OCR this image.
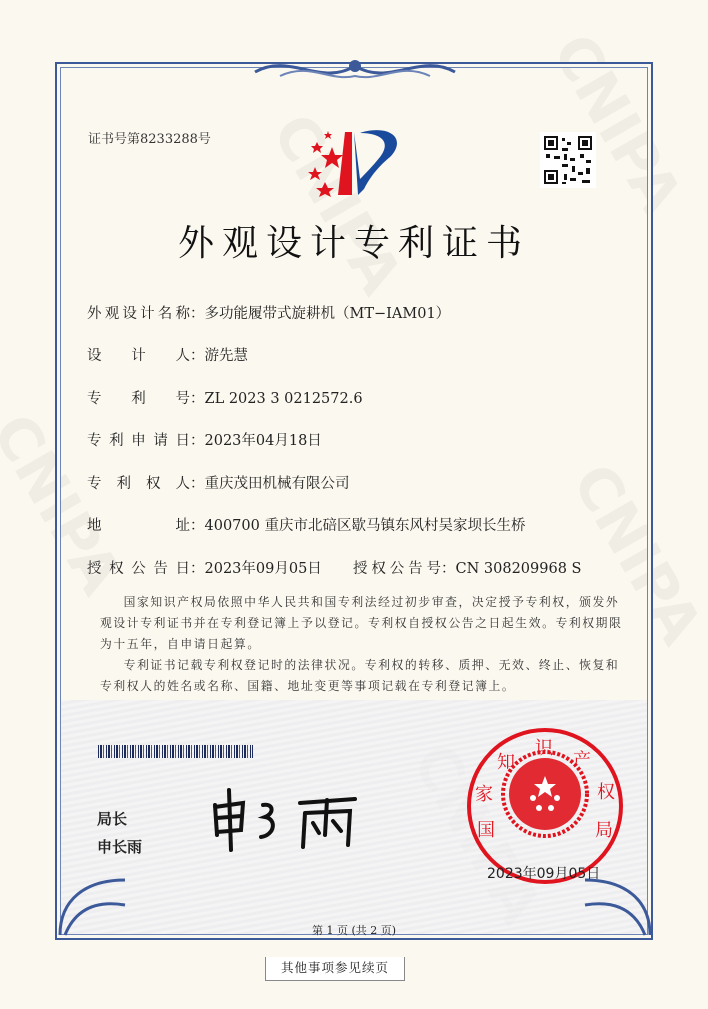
证书号第8233288号
外观设计专利证书
外观设计名称：多功能履带式旋耕机（MT−IAM01）
设计人：游先慧
专利号：ZL 2023 3 0212572.6
专利申请日：2023年04月18日
专利权人：重庆茂田机械有限公司
地址：400700 重庆市北碚区歇马镇东风村吴家坝长生桥
授权公告日：2023年09月05日 授权公告号：CN 308209968 S

国家知识产权局依照中华人民共和国专利法经过初步审查，决定授予专利权，颁发外观设计专利证书并在专利登记簿上予以登记。专利权自授权公告之日起生效。专利权期限为十五年，自申请日起算。

专利证书记载专利权登记时的法律状况。专利权的转移、质押、无效、终止、恢复和专利权人的姓名或名称、国籍、地址变更等事项记载在专利登记簿上。

局长
申长雨
国
家
知
识
产
权
局
2023年09月05日
第 1 页 (共 2 页)
其他事项参见续页
